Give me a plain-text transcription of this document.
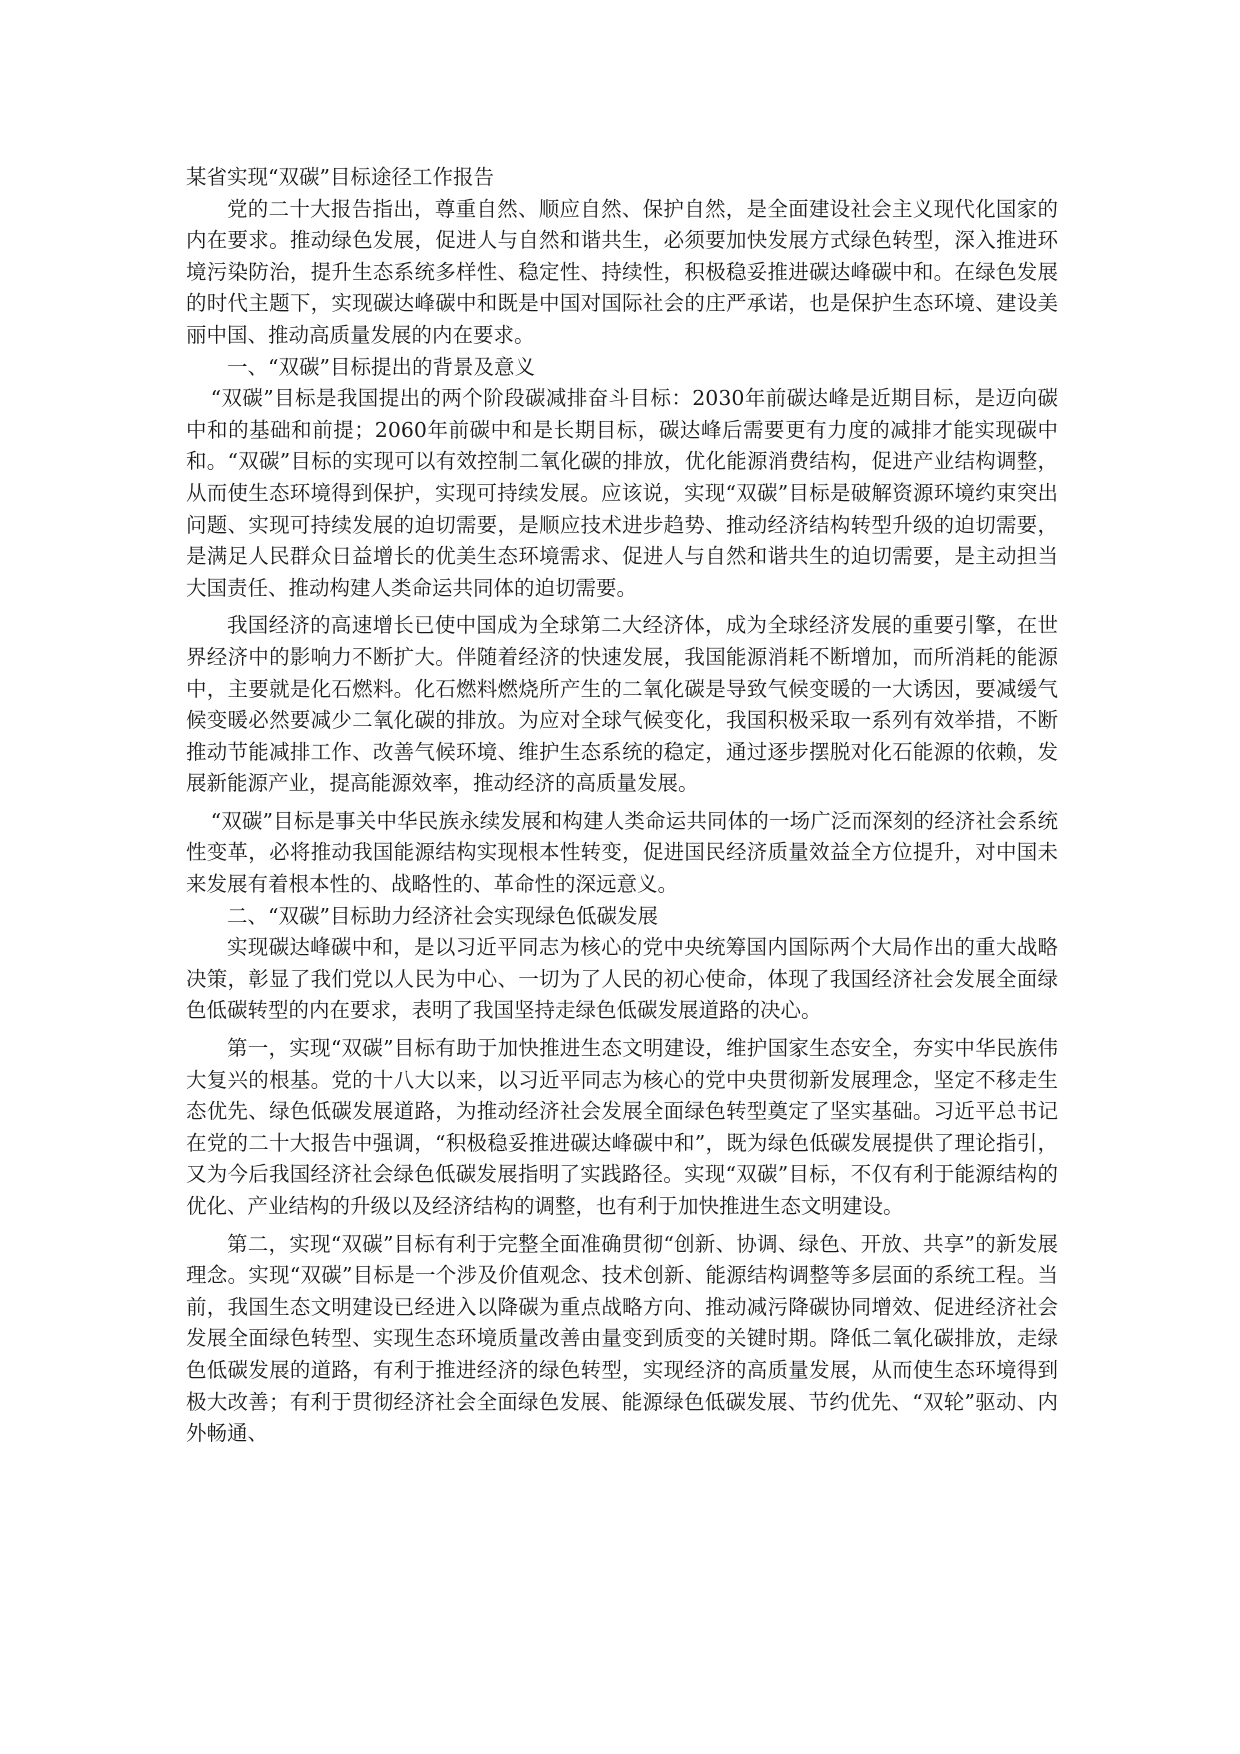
某省实现“双碳”目标途径工作报告

党的二十大报告指出，尊重自然、顺应自然、保护自然，是全面建设社会主义现代化国家的内在要求。推动绿色发展，促进人与自然和谐共生，必须要加快发展方式绿色转型，深入推进环境污染防治，提升生态系统多样性、稳定性、持续性，积极稳妥推进碳达峰碳中和。在绿色发展的时代主题下，实现碳达峰碳中和既是中国对国际社会的庄严承诺，也是保护生态环境、建设美丽中国、推动高质量发展的内在要求。

一、“双碳”目标提出的背景及意义

“双碳”目标是我国提出的两个阶段碳减排奋斗目标：2030年前碳达峰是近期目标，是迈向碳中和的基础和前提；2060年前碳中和是长期目标，碳达峰后需要更有力度的减排才能实现碳中和。“双碳”目标的实现可以有效控制二氧化碳的排放，优化能源消费结构，促进产业结构调整，从而使生态环境得到保护，实现可持续发展。应该说，实现“双碳”目标是破解资源环境约束突出问题、实现可持续发展的迫切需要，是顺应技术进步趋势、推动经济结构转型升级的迫切需要，是满足人民群众日益增长的优美生态环境需求、促进人与自然和谐共生的迫切需要，是主动担当大国责任、推动构建人类命运共同体的迫切需要。

我国经济的高速增长已使中国成为全球第二大经济体，成为全球经济发展的重要引擎，在世界经济中的影响力不断扩大。伴随着经济的快速发展，我国能源消耗不断增加，而所消耗的能源中，主要就是化石燃料。化石燃料燃烧所产生的二氧化碳是导致气候变暖的一大诱因，要减缓气候变暖必然要减少二氧化碳的排放。为应对全球气候变化，我国积极采取一系列有效举措，不断推动节能减排工作、改善气候环境、维护生态系统的稳定，通过逐步摆脱对化石能源的依赖，发展新能源产业，提高能源效率，推动经济的高质量发展。

“双碳”目标是事关中华民族永续发展和构建人类命运共同体的一场广泛而深刻的经济社会系统性变革，必将推动我国能源结构实现根本性转变，促进国民经济质量效益全方位提升，对中国未来发展有着根本性的、战略性的、革命性的深远意义。

二、“双碳”目标助力经济社会实现绿色低碳发展

实现碳达峰碳中和，是以习近平同志为核心的党中央统筹国内国际两个大局作出的重大战略决策，彰显了我们党以人民为中心、一切为了人民的初心使命，体现了我国经济社会发展全面绿色低碳转型的内在要求，表明了我国坚持走绿色低碳发展道路的决心。

第一，实现“双碳”目标有助于加快推进生态文明建设，维护国家生态安全，夯实中华民族伟大复兴的根基。党的十八大以来，以习近平同志为核心的党中央贯彻新发展理念，坚定不移走生态优先、绿色低碳发展道路，为推动经济社会发展全面绿色转型奠定了坚实基础。习近平总书记在党的二十大报告中强调，“积极稳妥推进碳达峰碳中和”，既为绿色低碳发展提供了理论指引，又为今后我国经济社会绿色低碳发展指明了实践路径。实现“双碳”目标，不仅有利于能源结构的优化、产业结构的升级以及经济结构的调整，也有利于加快推进生态文明建设。

第二，实现“双碳”目标有利于完整全面准确贯彻“创新、协调、绿色、开放、共享”的新发展理念。实现“双碳”目标是一个涉及价值观念、技术创新、能源结构调整等多层面的系统工程。当前，我国生态文明建设已经进入以降碳为重点战略方向、推动减污降碳协同增效、促进经济社会发展全面绿色转型、实现生态环境质量改善由量变到质变的关键时期。降低二氧化碳排放，走绿色低碳发展的道路，有利于推进经济的绿色转型，实现经济的高质量发展，从而使生态环境得到极大改善；有利于贯彻经济社会全面绿色发展、能源绿色低碳发展、节约优先、“双轮”驱动、内外畅通、
